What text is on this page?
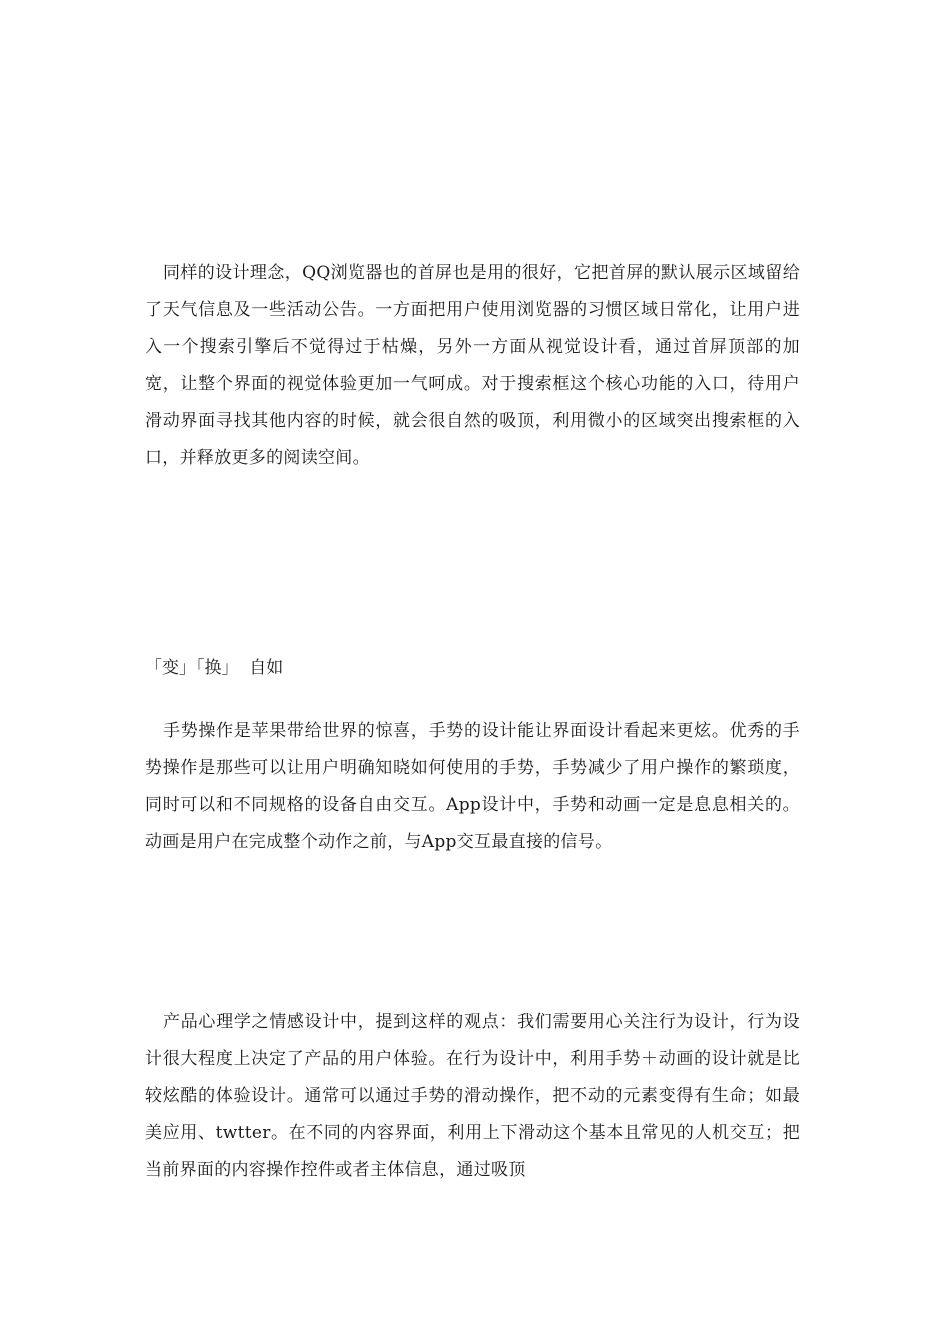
同样的设计理念，QQ浏览器也的首屏也是用的很好，它把首屏的默认展示区域留给了天气信息及一些活动公告。一方面把用户使用浏览器的习惯区域日常化，让用户进入一个搜索引擎后不觉得过于枯燥，另外一方面从视觉设计看，通过首屏顶部的加宽，让整个界面的视觉体验更加一气呵成。对于搜索框这个核心功能的入口，待用户滑动界面寻找其他内容的时候，就会很自然的吸顶，利用微小的区域突出搜索框的入口，并释放更多的阅读空间。

「变」「换」  自如

手势操作是苹果带给世界的惊喜，手势的设计能让界面设计看起来更炫。优秀的手势操作是那些可以让用户明确知晓如何使用的手势，手势减少了用户操作的繁琐度，同时可以和不同规格的设备自由交互。App设计中，手势和动画一定是息息相关的。动画是用户在完成整个动作之前，与App交互最直接的信号。

产品心理学之情感设计中，提到这样的观点：我们需要用心关注行为设计，行为设计很大程度上决定了产品的用户体验。在行为设计中，利用手势＋动画的设计就是比较炫酷的体验设计。通常可以通过手势的滑动操作，把不动的元素变得有生命；如最美应用、twtter。在不同的内容界面，利用上下滑动这个基本且常见的人机交互；把当前界面的内容操作控件或者主体信息，通过吸顶
